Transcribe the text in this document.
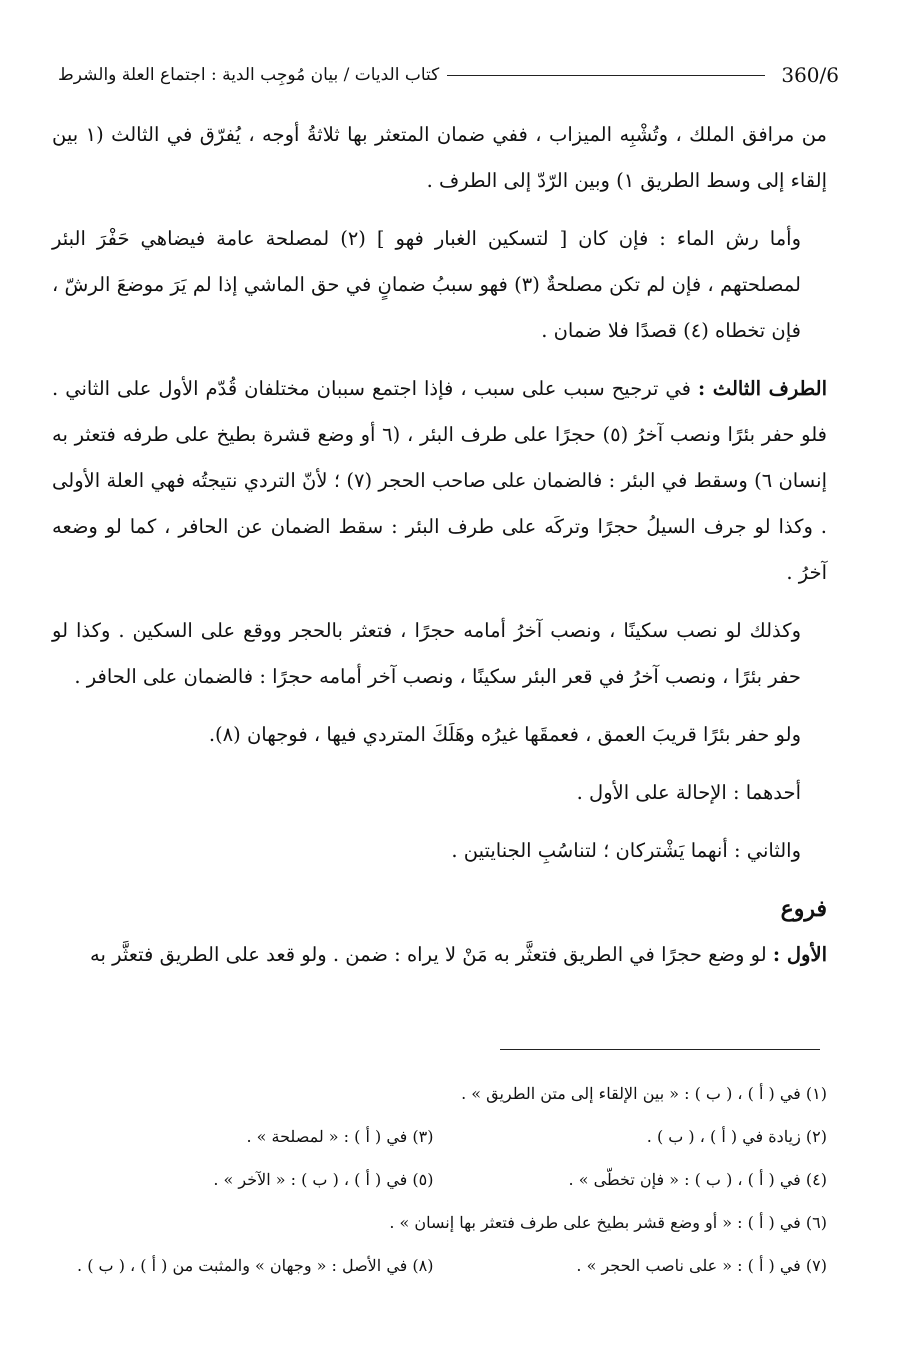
360/6
كتاب الديات / بيان مُوجِب الدية : اجتماع العلة والشرط

من مرافق الملك ، وتُشْبِه الميزاب ، ففي ضمان المتعثر بها ثلاثةُ أوجه ، يُفرّق في الثالث (١ بين إلقاء إلى وسط الطريق ١) وبين الرّدّ إلى الطرف .

وأما رش الماء : فإن كان [ لتسكين الغبار فهو ] (٢) لمصلحة عامة فيضاهي حَفْرَ البئر لمصلحتهم ، فإن لم تكن مصلحةٌ (٣) فهو سببُ ضمانٍ في حق الماشي إذا لم يَرَ موضعَ الرشّ ، فإن تخطاه (٤) قصدًا فلا ضمان .

الطرف الثالث : في ترجيح سبب على سبب ، فإذا اجتمع سببان مختلفان قُدّم الأول على الثاني . فلو حفر بئرًا ونصب آخرُ (٥) حجرًا على طرف البئر ، (٦ أو وضع قشرة بطيخ على طرفه فتعثر به إنسان ٦) وسقط في البئر : فالضمان على صاحب الحجر (٧) ؛ لأنّ التردي نتيجتُه فهي العلة الأولى . وكذا لو جرف السيلُ حجرًا وتركَه على طرف البئر : سقط الضمان عن الحافر ، كما لو وضعه آخرُ .

وكذلك لو نصب سكينًا ، ونصب آخرُ أمامه حجرًا ، فتعثر بالحجر ووقع على السكين . وكذا لو حفر بئرًا ، ونصب آخرُ في قعر البئر سكينًا ، ونصب آخر أمامه حجرًا : فالضمان على الحافر .

ولو حفر بئرًا قريبَ العمق ، فعمقَها غيرُه وهَلَكَ المتردي فيها ، فوجهان (٨).

أحدهما : الإحالة على الأول .

والثاني : أنهما يَشْتركان ؛ لتناسُبِ الجنايتين .

فروع

الأول : لو وضع حجرًا في الطريق فتعثَّر به مَنْ لا يراه : ضمن . ولو قعد على الطريق فتعثَّر به

(١) في ( أ ) ، ( ب ) : « بين الإلقاء إلى متن الطريق » .
(٢) زيادة في ( أ ) ، ( ب ) .
(٣) في ( أ ) : « لمصلحة » .
(٤) في ( أ ) ، ( ب ) : « فإن تخطّى » .
(٥) في ( أ ) ، ( ب ) : « الآخر » .
(٦) في ( أ ) : « أو وضع قشر بطيخ على طرف فتعثر بها إنسان » .
(٧) في ( أ ) : « على ناصب الحجر » .
(٨) في الأصل : « وجهان » والمثبت من ( أ ) ، ( ب ) .
